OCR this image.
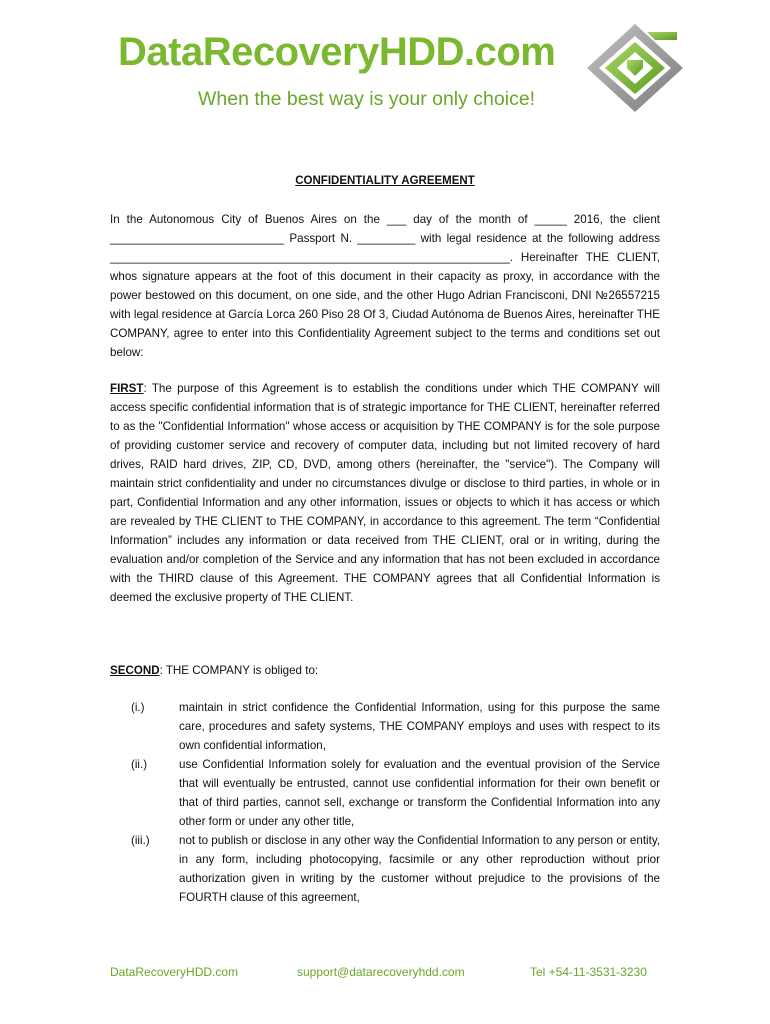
DataRecoveryHDD.com
When the best way is your only choice!
CONFIDENTIALITY AGREEMENT
In the Autonomous City of Buenos Aires on the ___ day of the month of _____ 2016, the client ___________________________ Passport N. _________ with legal residence at the following address ______________________________________________________________. Hereinafter THE CLIENT, whos signature appears at the foot of this document in their capacity as proxy, in accordance with the power bestowed on this document, on one side, and the other Hugo Adrian Francisconi, DNI №26557215 with legal residence at García Lorca 260 Piso 28 Of 3, Ciudad Autónoma de Buenos Aires, hereinafter THE COMPANY, agree to enter into this Confidentiality Agreement subject to the terms and conditions set out below:
FIRST: The purpose of this Agreement is to establish the conditions under which THE COMPANY will access specific confidential information that is of strategic importance for THE CLIENT, hereinafter referred to as the "Confidential Information" whose access or acquisition by THE COMPANY is for the sole purpose of providing customer service and recovery of computer data, including but not limited recovery of hard drives, RAID hard drives, ZIP, CD, DVD, among others (hereinafter, the "service"). The Company will maintain strict confidentiality and under no circumstances divulge or disclose to third parties, in whole or in part, Confidential Information and any other information, issues or objects to which it has access or which are revealed by THE CLIENT to THE COMPANY, in accordance to this agreement. The term “Confidential Information” includes any information or data received from THE CLIENT, oral or in writing, during the evaluation and/or completion of the Service and any information that has not been excluded in accordance with the THIRD clause of this Agreement. THE COMPANY agrees that all Confidential Information is deemed the exclusive property of THE CLIENT.
SECOND: THE COMPANY is obliged to:
(i.)	maintain in strict confidence the Confidential Information, using for this purpose the same care, procedures and safety systems, THE COMPANY employs and uses with respect to its own confidential information,
(ii.)	use Confidential Information solely for evaluation and the eventual provision of the Service that will eventually be entrusted, cannot use confidential information for their own benefit or that of third parties, cannot sell, exchange or transform the Confidential Information into any other form or under any other title,
(iii.)	not to publish or disclose in any other way the Confidential Information to any person or entity, in any form, including photocopying, facsimile or any other reproduction without prior authorization given in writing by the customer without prejudice to the provisions of the FOURTH clause of this agreement,
DataRecoveryHDD.com	support@datarecoveryhdd.com	Tel +54-11-3531-3230
